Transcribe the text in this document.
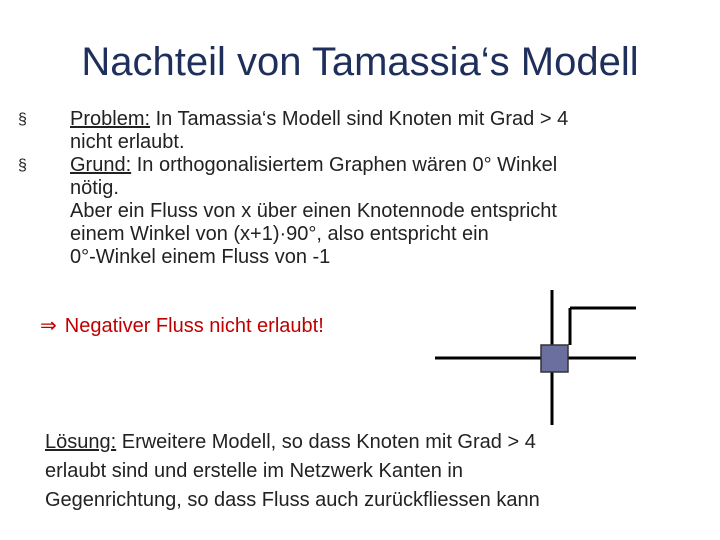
Nachteil von Tamassia‘s Modell
§	Problem: In Tamassia‘s Modell sind Knoten mit Grad > 4
nicht erlaubt.
§	Grund: In orthogonalisiertem Graphen wären 0° Winkel
nötig.
Aber ein Fluss von x über einen Knotennode entspricht
einem Winkel von (x+1)·90°, also entspricht ein
0°-Winkel einem Fluss von -1
⇒ Negativer Fluss nicht erlaubt!
Lösung: Erweitere Modell, so dass Knoten mit Grad > 4
erlaubt sind und erstelle im Netzwerk Kanten in
Gegenrichtung, so dass Fluss auch zurückfliessen kann
